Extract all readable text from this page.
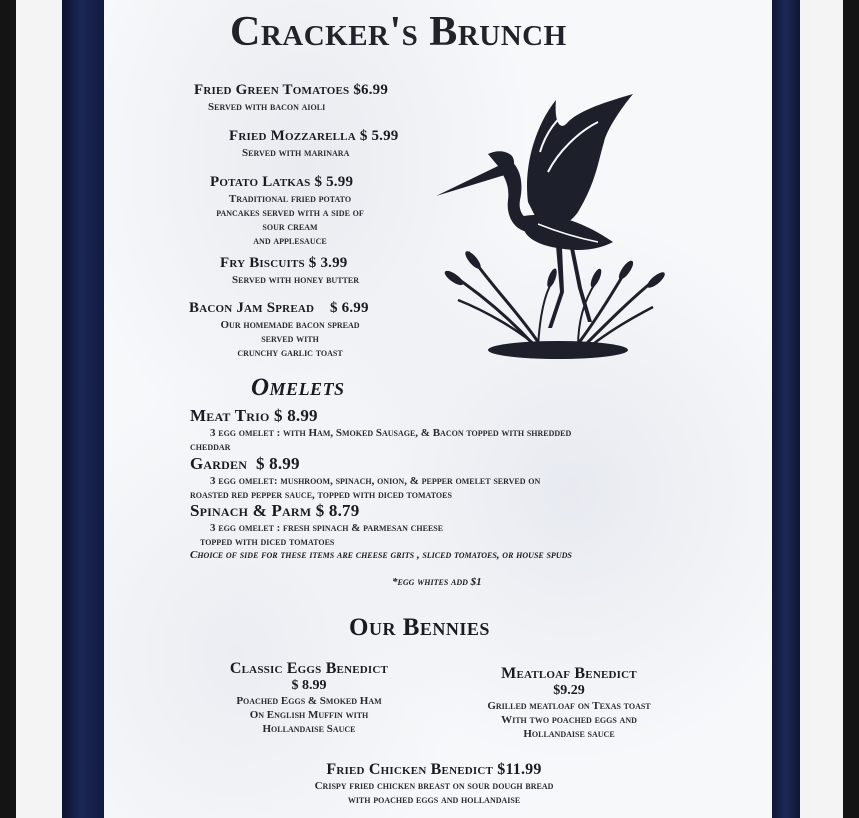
Cracker's Brunch
Fried Green Tomatoes $6.99
Served with bacon aioli
Fried Mozzarella $ 5.99
Served with marinara
Potato Latkas $ 5.99
Traditional fried potato
pancakes served with a side of
sour cream
and applesauce
Fry Biscuits $ 3.99
Served with honey butter
Bacon Jam Spread $ 6.99
Our homemade bacon spread
served with
crunchy garlic toast
Omelets
Meat Trio $ 8.99
3 egg omelet : with Ham, Smoked Sausage, & Bacon topped with shredded
cheddar
Garden $ 8.99
3 egg omelet: mushroom, spinach, onion, & pepper omelet served on
roasted red pepper sauce, topped with diced tomatoes
Spinach & Parm $ 8.79
3 egg omelet : fresh spinach & parmesan cheese
topped with diced tomatoes
Choice of side for these items are cheese grits , sliced tomatoes, or house spuds
*egg whites add $1
Our Bennies
Classic Eggs Benedict
$ 8.99
Poached Eggs & Smoked Ham
On English Muffin with
Hollandaise Sauce
Meatloaf Benedict
$9.29
Grilled meatloaf on Texas toast
With two poached eggs and
Hollandaise sauce
Fried Chicken Benedict $11.99
Crispy fried chicken breast on sour dough bread
with poached eggs and hollandaise
